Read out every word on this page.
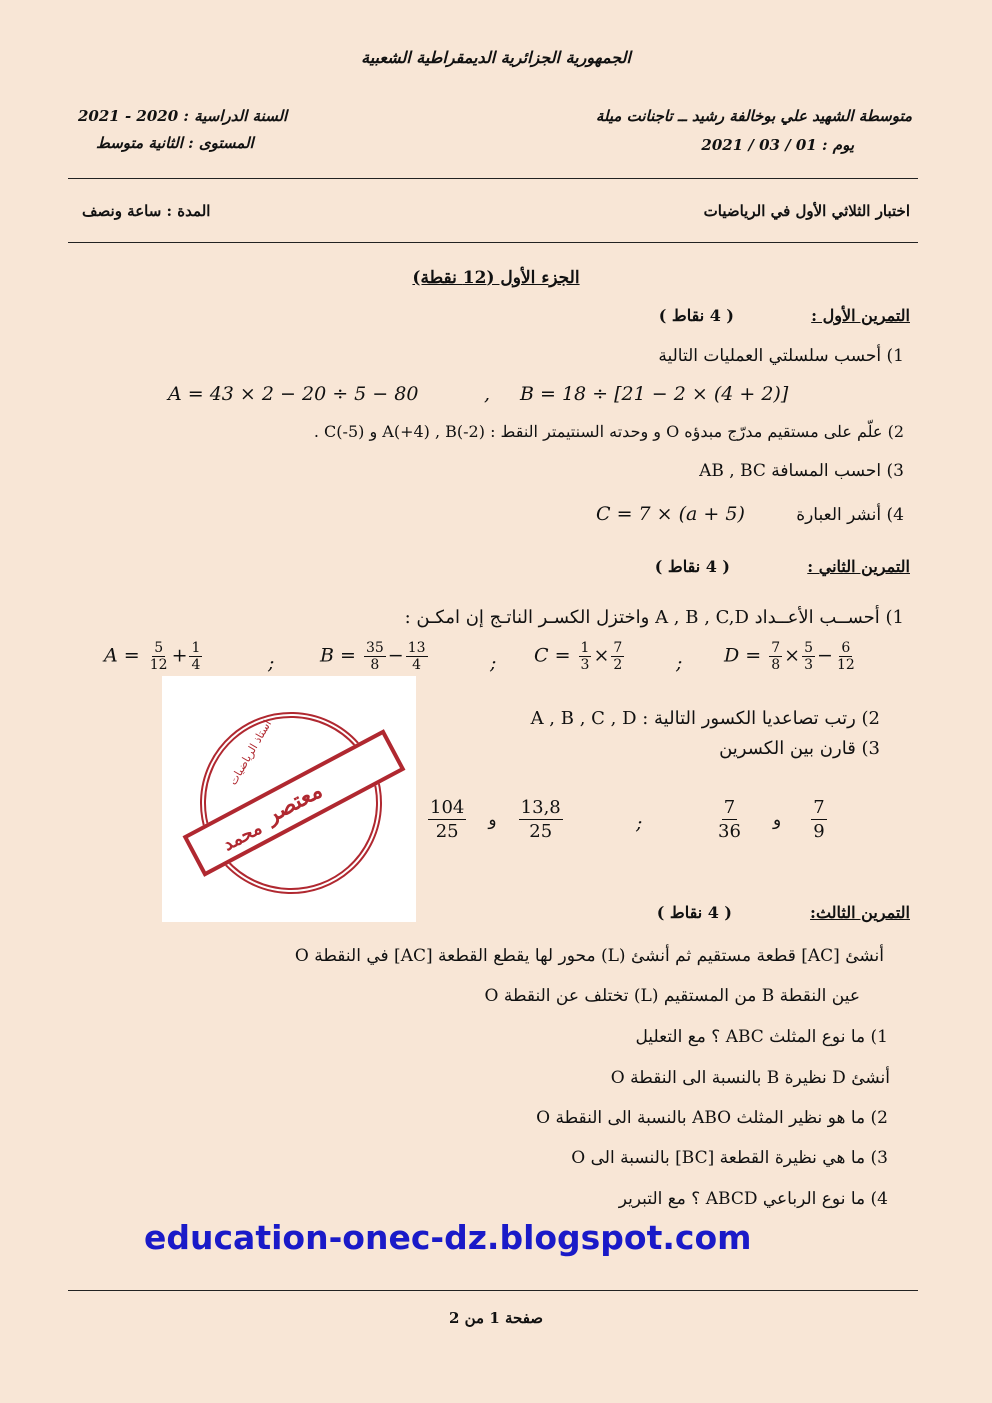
الجمهورية الجزائرية الديمقراطية الشعبية
متوسطة الشهيد علي بوخالفة رشيد ــ تاجنانت ميلة
السنة الدراسية : 2020 - 2021
يوم : 01 / 03 / 2021
المستوى : الثانية متوسط
اختبار الثلاثي الأول في الرياضيات
المدة : ساعة ونصف
الجزء الأول (12 نقطة)
التمرين الأول :
( 4 نقاط )
1) أحسب سلسلتي العمليات التالية
A = 43 × 2 − 20 ÷ 5 − 80	, B = 18 ÷ [21 − 2 × (4 + 2)]
2) علّم على مستقيم مدرّج مبدؤه O و وحدته السنتيمتر النقط : A(+4) , B(-2) و C(-5) .
3) احسب المسافة AB , BC
4) أنشر العبارة
C = 7 × (a + 5)
التمرين الثاني :
( 4 نقاط )
1) أحســب الأعــداد A , B , C,D واختزل الكسـر الناتـج إن امكـن :
$A = \frac{5}{12} + \frac{1}{4}$	; $B = \frac{35}{8} - \frac{13}{4}$	; $C = \frac{1}{3} \times \frac{7}{2}$	; $D = \frac{7}{8} \times \frac{5}{3} - \frac{6}{12}$
2) رتب تصاعديا الكسور التالية : A , B , C , D
3) قارن بين الكسرين
$\frac{104}{25}$ و $\frac{13,8}{25}$	;	$\frac{7}{36}$ و $\frac{7}{9}$
استاذ الرياضيات
معتصر
محمد
التمرين الثالث:
( 4 نقاط )
أنشئ [AC] قطعة مستقيم ثم أنشئ (L) محور لها يقطع القطعة [AC] في النقطة O
عين النقطة B من المستقيم (L) تختلف عن النقطة O
1) ما نوع المثلث ABC ؟ مع التعليل
أنشئ D نظيرة B بالنسبة الى النقطة O
2) ما هو نظير المثلث ABO بالنسبة الى النقطة O
3) ما هي نظيرة القطعة [BC] بالنسبة الى O
4) ما نوع الرباعي ABCD ؟ مع التبرير
education-onec-dz.blogspot.com
صفحة 1 من 2
